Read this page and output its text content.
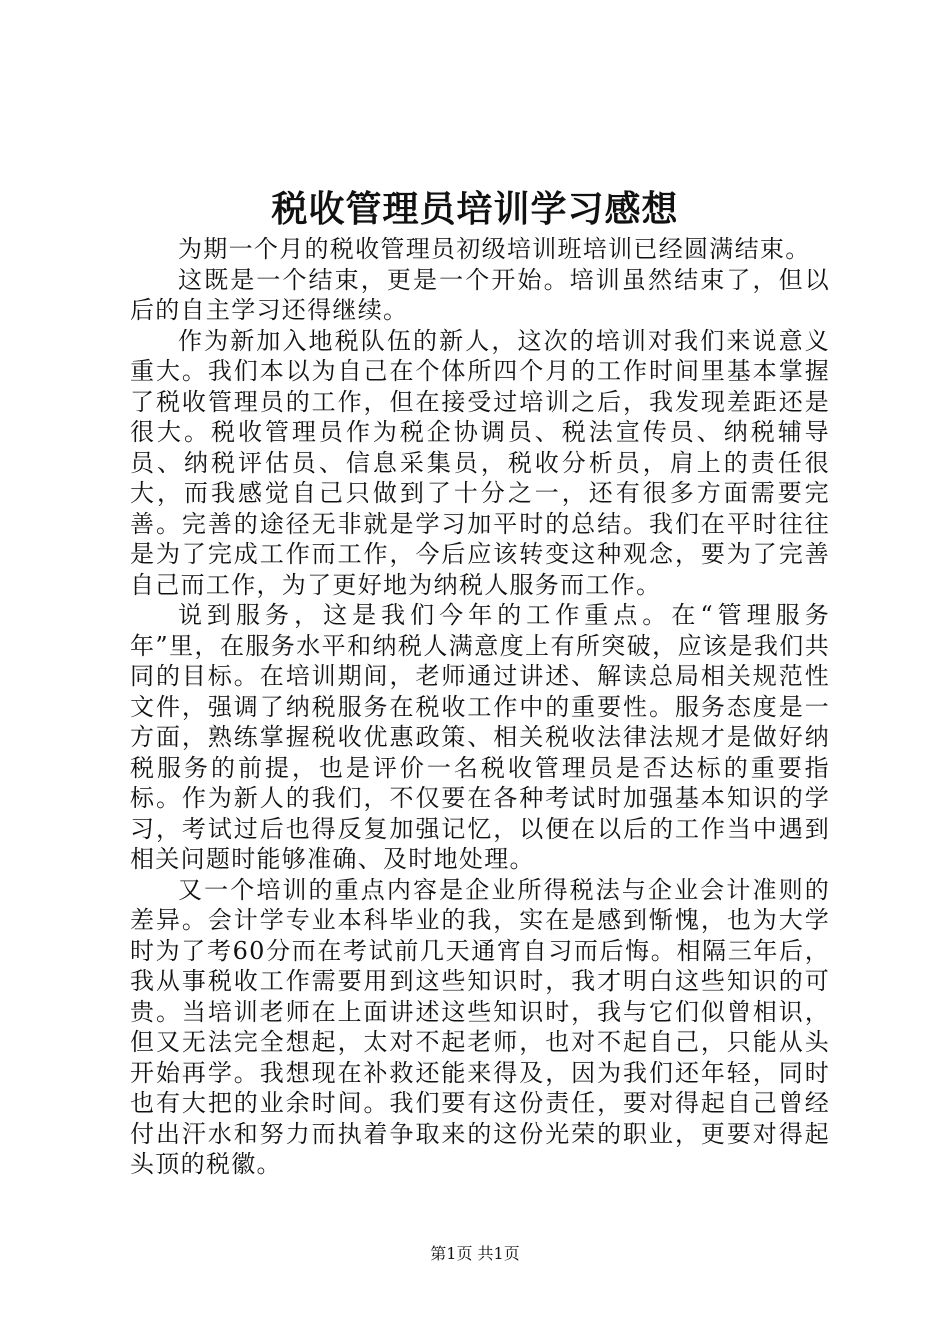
税收管理员培训学习感想

为期一个月的税收管理员初级培训班培训已经圆满结束。

这既是一个结束，更是一个开始。培训虽然结束了，但以后的自主学习还得继续。

作为新加入地税队伍的新人，这次的培训对我们来说意义重大。我们本以为自己在个体所四个月的工作时间里基本掌握了税收管理员的工作，但在接受过培训之后，我发现差距还是很大。税收管理员作为税企协调员、税法宣传员、纳税辅导员、纳税评估员、信息采集员，税收分析员，肩上的责任很大，而我感觉自己只做到了十分之一，还有很多方面需要完善。完善的途径无非就是学习加平时的总结。我们在平时往往是为了完成工作而工作，今后应该转变这种观念，要为了完善自己而工作，为了更好地为纳税人服务而工作。

说到服务，这是我们今年的工作重点。在“管理服务年”里，在服务水平和纳税人满意度上有所突破，应该是我们共同的目标。在培训期间，老师通过讲述、解读总局相关规范性文件，强调了纳税服务在税收工作中的重要性。服务态度是一方面，熟练掌握税收优惠政策、相关税收法律法规才是做好纳税服务的前提，也是评价一名税收管理员是否达标的重要指标。作为新人的我们，不仅要在各种考试时加强基本知识的学习，考试过后也得反复加强记忆，以便在以后的工作当中遇到相关问题时能够准确、及时地处理。

又一个培训的重点内容是企业所得税法与企业会计准则的差异。会计学专业本科毕业的我，实在是感到惭愧，也为大学时为了考60分而在考试前几天通宵自习而后悔。相隔三年后，我从事税收工作需要用到这些知识时，我才明白这些知识的可贵。当培训老师在上面讲述这些知识时，我与它们似曾相识，但又无法完全想起，太对不起老师，也对不起自己，只能从头开始再学。我想现在补救还能来得及，因为我们还年轻，同时也有大把的业余时间。我们要有这份责任，要对得起自己曾经付出汗水和努力而执着争取来的这份光荣的职业，更要对得起头顶的税徽。

第1页 共1页
